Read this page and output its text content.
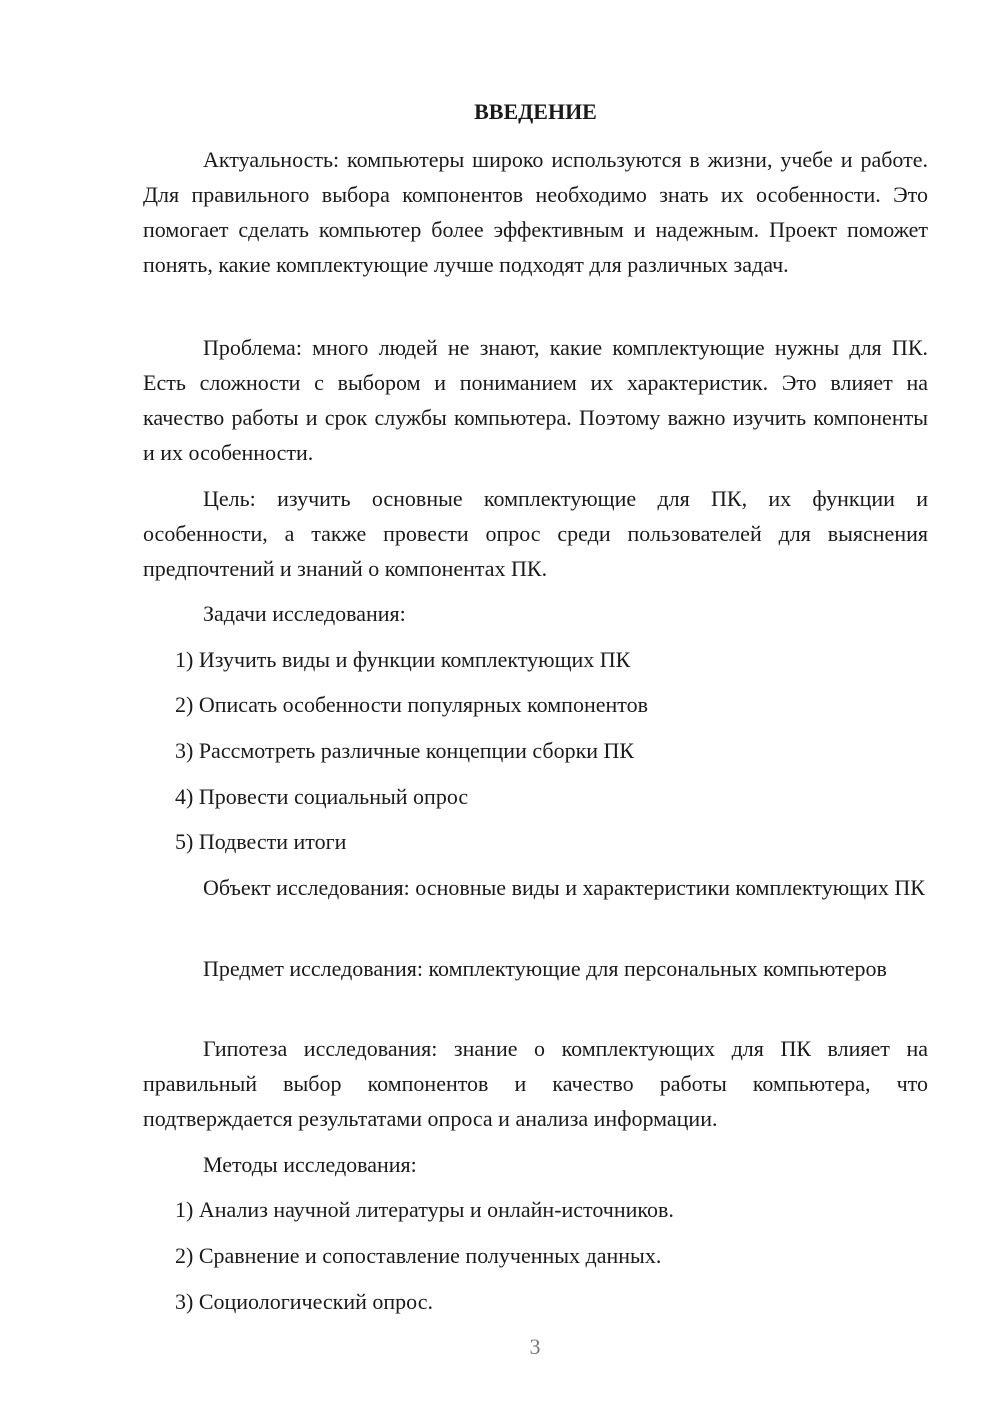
ВВЕДЕНИЕ

Актуальность: компьютеры широко используются в жизни, учебе и работе. Для правильного выбора компонентов необходимо знать их особенности. Это помогает сделать компьютер более эффективным и надежным. Проект поможет понять, какие комплектующие лучше подходят для различных задач.

Проблема: много людей не знают, какие комплектующие нужны для ПК. Есть сложности с выбором и пониманием их характеристик. Это влияет на качество работы и срок службы компьютера. Поэтому важно изучить компоненты и их особенности.

Цель: изучить основные комплектующие для ПК, их функции и особенности, а также провести опрос среди пользователей для выяснения предпочтений и знаний о компонентах ПК.

Задачи исследования:

1) Изучить виды и функции комплектующих ПК

2) Описать особенности популярных компонентов

3) Рассмотреть различные концепции сборки ПК

4) Провести социальный опрос

5) Подвести итоги

Объект исследования: основные виды и характеристики комплектующих ПК

Предмет исследования: комплектующие для персональных компьютеров

Гипотеза исследования: знание о комплектующих для ПК влияет на правильный выбор компонентов и качество работы компьютера, что подтверждается результатами опроса и анализа информации.

Методы исследования:

1) Анализ научной литературы и онлайн-источников.

2) Сравнение и сопоставление полученных данных.

3) Социологический опрос.

3
